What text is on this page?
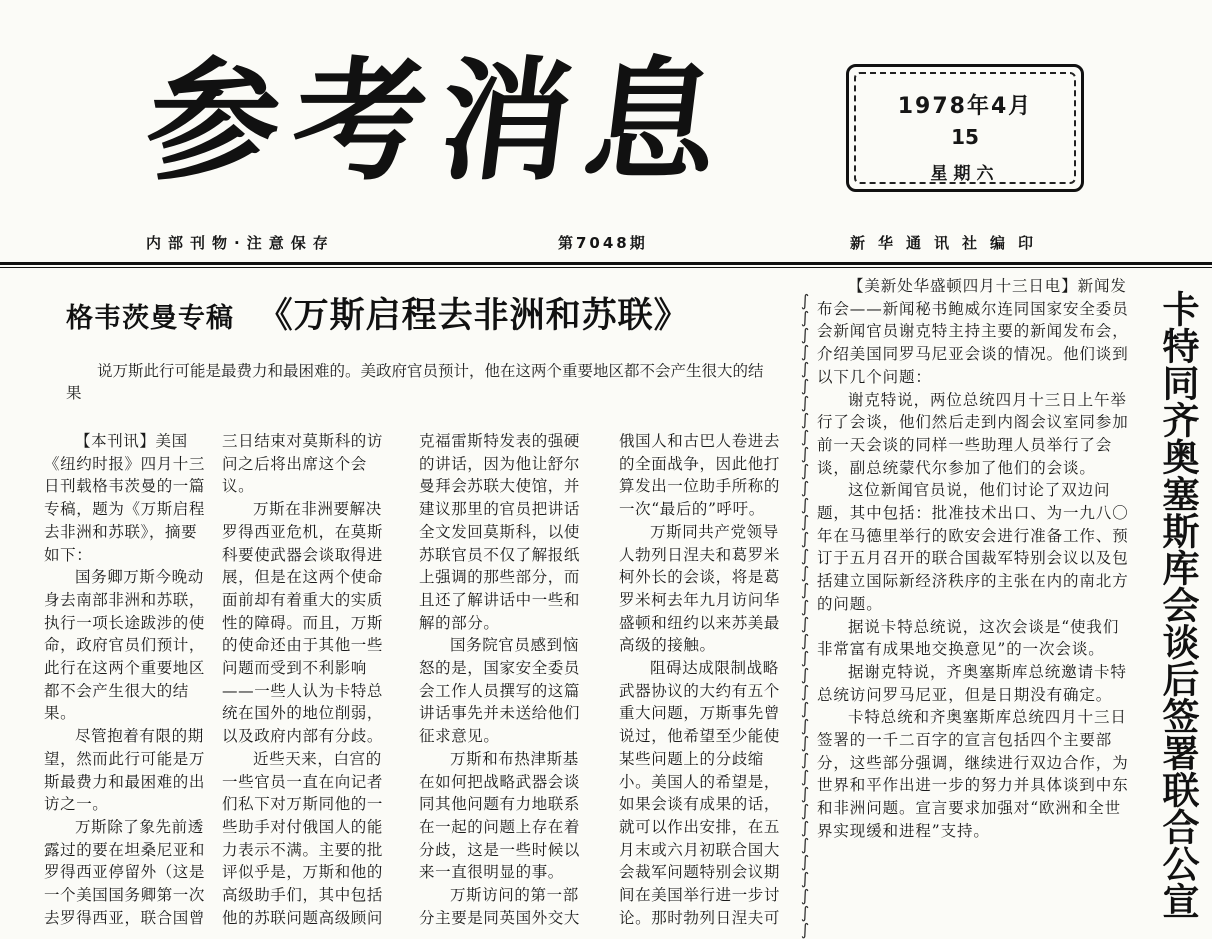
参考消息	1978年4月
15
星期六
内部刊物·注意保存	第7048期	新华通讯社编印
格韦茨曼专稿 《万斯启程去非洲和苏联》
说万斯此行可能是最费力和最困难的。美政府官员预计，他在这两个重要地区都不会产生很大的结果

【本刊讯】美国《纽约时报》四月十三日刊载格韦茨曼的一篇专稿，题为《万斯启程去非洲和苏联》，摘要如下：

国务卿万斯今晚动身去南部非洲和苏联，执行一项长途跋涉的使命，政府官员们预计，此行在这两个重要地区都不会产生很大的结果。

尽管抱着有限的期望，然而此行可能是万斯最费力和最困难的出访之一。

万斯除了象先前透露过的要在坦桑尼亚和罗得西亚停留外（这是一个美国国务卿第一次去罗得西亚，联合国曾

三日结束对莫斯科的访问之后将出席这个会议。

万斯在非洲要解决罗得西亚危机，在莫斯科要使武器会谈取得进展，但是在这两个使命面前却有着重大的实质性的障碍。而且，万斯的使命还由于其他一些问题而受到不利影响——一些人认为卡特总统在国外的地位削弱，以及政府内部有分歧。

近些天来，白宫的一些官员一直在向记者们私下对万斯同他的一些助手对付俄国人的能力表示不满。主要的批评似乎是，万斯和他的高级助手们，其中包括他的苏联问题高级顾问

克福雷斯特发表的强硬的讲话，因为他让舒尔曼拜会苏联大使馆，并建议那里的官员把讲话全文发回莫斯科，以使苏联官员不仅了解报纸上强调的那些部分，而且还了解讲话中一些和解的部分。

国务院官员感到恼怒的是，国家安全委员会工作人员撰写的这篇讲话事先并未送给他们征求意见。

万斯和布热津斯基在如何把战略武器会谈同其他问题有力地联系在一起的问题上存在着分歧，这是一些时候以来一直很明显的事。

万斯访问的第一部分主要是同英国外交大

俄国人和古巴人卷进去的全面战争，因此他打算发出一位助手所称的一次“最后的”呼吁。

万斯同共产党领导人勃列日涅夫和葛罗米柯外长的会谈，将是葛罗米柯去年九月访问华盛顿和纽约以来苏美最高级的接触。

阻碍达成限制战略武器协议的大约有五个重大问题，万斯事先曾说过，他希望至少能使某些问题上的分歧缩小。美国人的希望是，如果会谈有成果的话，就可以作出安排，在五月末或六月初联合国大会裁军问题特别会议期间在美国举行进一步讨论。那时勃列日涅夫可

∫
∫
∫
∫
∫
∫
∫
∫
∫
∫
∫
∫
∫
∫
∫
∫
∫
∫
∫
∫
∫
∫
∫
∫
∫
∫
∫
∫
∫
∫
∫
∫
∫
∫
∫
∫
∫
∫

【美新处华盛顿四月十三日电】新闻发布会——新闻秘书鲍威尔连同国家安全委员会新闻官员谢克特主持主要的新闻发布会，介绍美国同罗马尼亚会谈的情况。他们谈到以下几个问题：

谢克特说，两位总统四月十三日上午举行了会谈，他们然后走到内阁会议室同参加前一天会谈的同样一些助理人员举行了会谈，副总统蒙代尔参加了他们的会谈。

这位新闻官员说，他们讨论了双边问题，其中包括：批准技术出口、为一九八〇年在马德里举行的欧安会进行准备工作、预订于五月召开的联合国裁军特别会议以及包括建立国际新经济秩序的主张在内的南北方的问题。

据说卡特总统说，这次会谈是“使我们非常富有成果地交换意见”的一次会谈。

据谢克特说，齐奥塞斯库总统邀请卡特总统访问罗马尼亚，但是日期没有确定。

卡特总统和齐奥塞斯库总统四月十三日签署的一千二百字的宣言包括四个主要部分，这些部分强调，继续进行双边合作，为世界和平作出进一步的努力并具体谈到中东和非洲问题。宣言要求加强对“欧洲和全世界实现缓和进程”支持。	卡特同齐奥塞斯库会谈后签署联合公宣
